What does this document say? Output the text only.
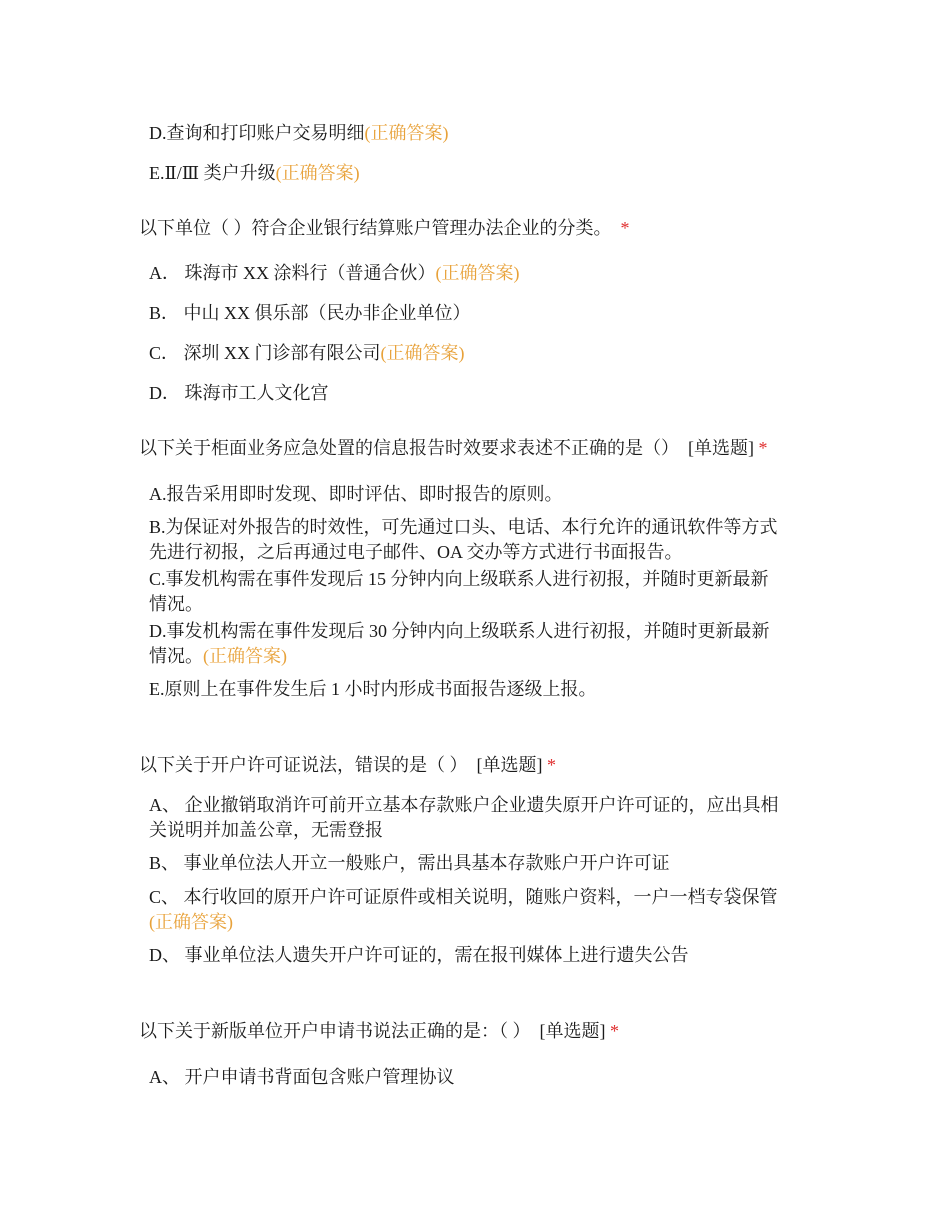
D.查询和打印账户交易明细(正确答案)
E.Ⅱ/Ⅲ 类户升级(正确答案)
以下单位（ ）符合企业银行结算账户管理办法企业的分类。 *
A． 珠海市 XX 涂料行（普通合伙）(正确答案)
B． 中山 XX 俱乐部（民办非企业单位）
C． 深圳 XX 门诊部有限公司(正确答案)
D． 珠海市工人文化宫
以下关于柜面业务应急处置的信息报告时效要求表述不正确的是（） [单选题] *
A.报告采用即时发现、即时评估、即时报告的原则。
B.为保证对外报告的时效性，可先通过口头、电话、本行允许的通讯软件等方式
先进行初报，之后再通过电子邮件、OA 交办等方式进行书面报告。
C.事发机构需在事件发现后 15 分钟内向上级联系人进行初报，并随时更新最新
情况。
D.事发机构需在事件发现后 30 分钟内向上级联系人进行初报，并随时更新最新
情况。(正确答案)
E.原则上在事件发生后 1 小时内形成书面报告逐级上报。
以下关于开户许可证说法，错误的是（ ） [单选题] *
A、 企业撤销取消许可前开立基本存款账户企业遗失原开户许可证的，应出具相
关说明并加盖公章，无需登报
B、 事业单位法人开立一般账户，需出具基本存款账户开户许可证
C、 本行收回的原开户许可证原件或相关说明，随账户资料，一户一档专袋保管
(正确答案)
D、 事业单位法人遗失开户许可证的，需在报刊媒体上进行遗失公告
以下关于新版单位开户申请书说法正确的是：（ ） [单选题] *
A、 开户申请书背面包含账户管理协议
